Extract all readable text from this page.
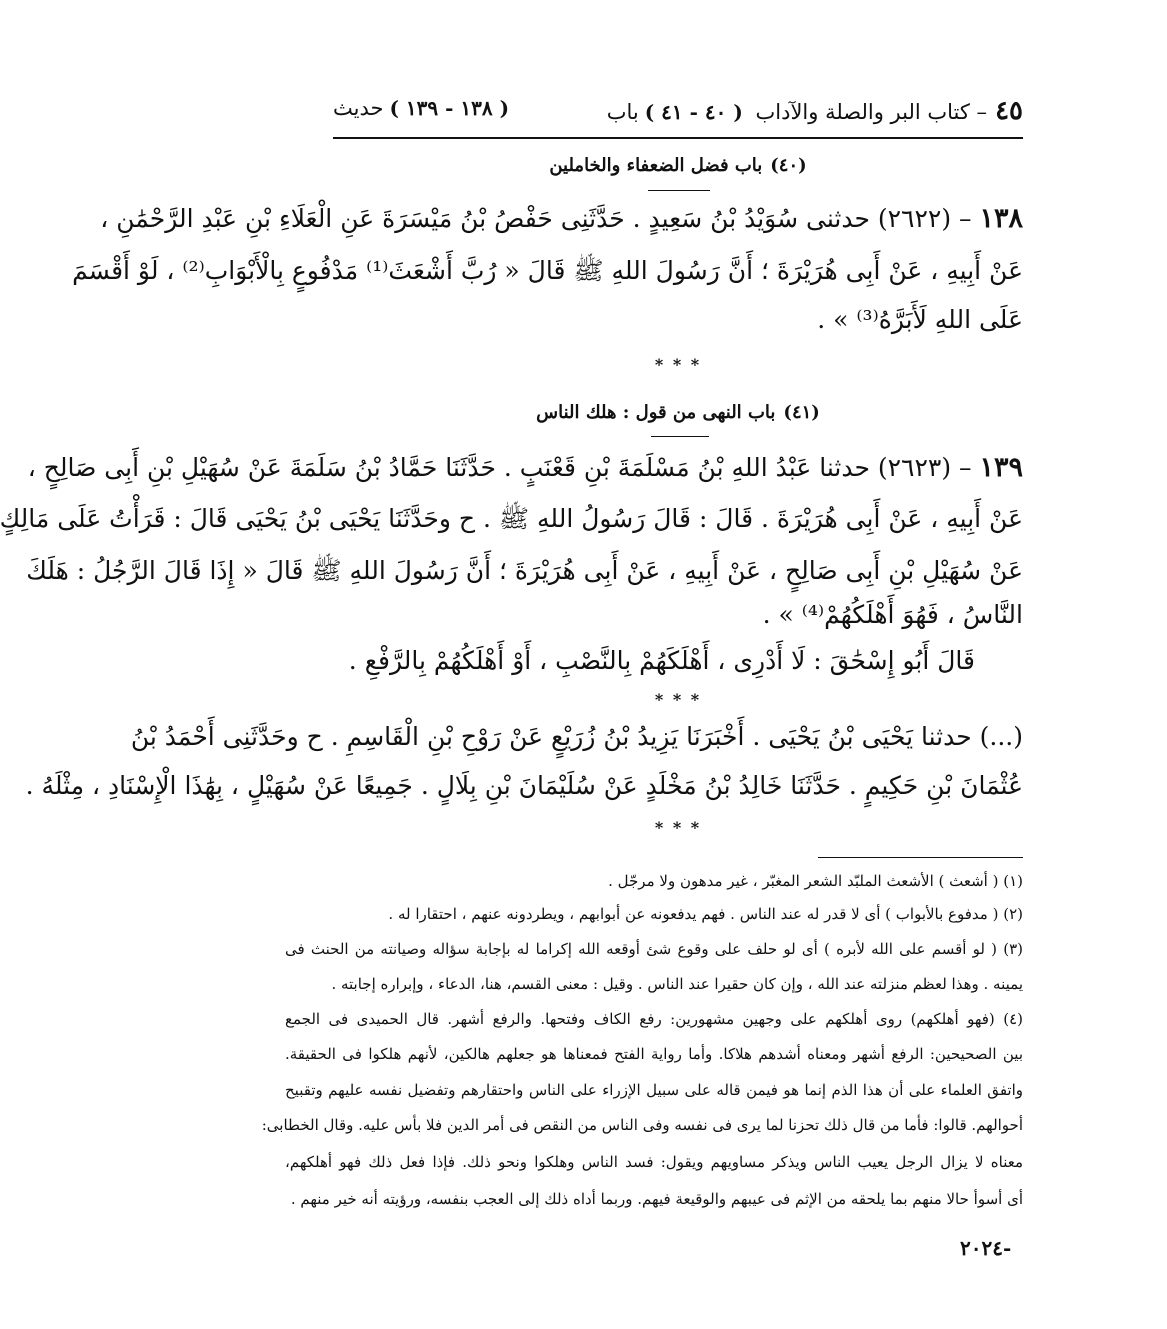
٤٥– كتاب البر والصلة والآداب ( ٤٠ - ٤١ )باب
( ١٣٨ - ١٣٩ )حديث
(٤٠)باب فضل الضعفاء والخاملين
١٣٨ – (٢٦٢٢) حدثنى سُوَيْدُ بْنُ سَعِيدٍ . حَدَّثَنِى حَفْصُ بْنُ مَيْسَرَةَ عَنِ الْعَلَاءِ بْنِ عَبْدِ الرَّحْمَٰنِ ،
عَنْ أَبِيهِ ، عَنْ أَبِى هُرَيْرَةَ ؛ أَنَّ رَسُولَ اللهِ ﷺ قَالَ « رُبَّ أَشْعَثَ⁽¹⁾ مَدْفُوعٍ بِالْأَبْوَابِ⁽²⁾ ، لَوْ أَقْسَمَ
عَلَى اللهِ لَأَبَرَّهُ⁽³⁾ » .
* * *
(٤١)باب النهى من قول : هلك الناس
١٣٩ – (٢٦٢٣) حدثنا عَبْدُ اللهِ بْنُ مَسْلَمَةَ بْنِ قَعْنَبٍ . حَدَّثَنَا حَمَّادُ بْنُ سَلَمَةَ عَنْ سُهَيْلِ بْنِ أَبِى صَالِحٍ ،
عَنْ أَبِيهِ ، عَنْ أَبِى هُرَيْرَةَ . قَالَ : قَالَ رَسُولُ اللهِ ﷺ . ح وحَدَّثَنَا يَحْيَى بْنُ يَحْيَى قَالَ : قَرَأْتُ عَلَى مَالِكٍ
عَنْ سُهَيْلِ بْنِ أَبِى صَالِحٍ ، عَنْ أَبِيهِ ، عَنْ أَبِى هُرَيْرَةَ ؛ أَنَّ رَسُولَ اللهِ ﷺ قَالَ « إِذَا قَالَ الرَّجُلُ : هَلَكَ
النَّاسُ ، فَهُوَ أَهْلَكُهُمْ⁽⁴⁾ » .
قَالَ أَبُو إِسْحَٰقَ : لَا أَدْرِى ، أَهْلَكَهُمْ بِالنَّصْبِ ، أَوْ أَهْلَكُهُمْ بِالرَّفْعِ .
* * *
(...) حدثنا يَحْيَى بْنُ يَحْيَى . أَخْبَرَنَا يَزِيدُ بْنُ زُرَيْعٍ عَنْ رَوْحِ بْنِ الْقَاسِمِ . ح وحَدَّثَنِى أَحْمَدُ بْنُ
عُثْمَانَ بْنِ حَكِيمٍ . حَدَّثَنَا خَالِدُ بْنُ مَخْلَدٍ عَنْ سُلَيْمَانَ بْنِ بِلَالٍ . جَمِيعًا عَنْ سُهَيْلٍ ، بِهَٰذَا الْإِسْنَادِ ، مِثْلَهُ .
* * *
(١) ( أشعث ) الأشعث الملبّد الشعر المغبّر ، غير مدهون ولا مرجّل .
(٢) ( مدفوع بالأبواب ) أى لا قدر له عند الناس . فهم يدفعونه عن أبوابهم ، ويطردونه عنهم ، احتقارا له .
(٣) ( لو أقسم على الله لأبره ) أى لو حلف على وقوع شئ أوقعه الله إكراما له بإجابة سؤاله وصيانته من الحنث فى
يمينه . وهذا لعظم منزلته عند الله ، وإن كان حقيرا عند الناس . وقيل : معنى القسم، هنا، الدعاء ، وإبراره إجابته .
(٤) (فهو أهلكهم) روى أهلكهم على وجهين مشهورين: رفع الكاف وفتحها. والرفع أشهر. قال الحميدى فى الجمع
بين الصحيحين: الرفع أشهر ومعناه أشدهم هلاكا. وأما رواية الفتح فمعناها هو جعلهم هالكين، لأنهم هلكوا فى الحقيقة.
واتفق العلماء على أن هذا الذم إنما هو فيمن قاله على سبيل الإزراء على الناس واحتقارهم وتفضيل نفسه عليهم وتقبيح
أحوالهم. قالوا: فأما من قال ذلك تحزنا لما يرى فى نفسه وفى الناس من النقص فى أمر الدين فلا بأس عليه. وقال الخطابى:
معناه لا يزال الرجل يعيب الناس ويذكر مساويهم ويقول: فسد الناس وهلكوا ونحو ذلك. فإذا فعل ذلك فهو أهلكهم،
أى أسوأ حالا منهم بما يلحقه من الإثم فى عيبهم والوقيعة فيهم. وربما أداه ذلك إلى العجب بنفسه، ورؤيته أنه خير منهم .
-٢٠٢٤
